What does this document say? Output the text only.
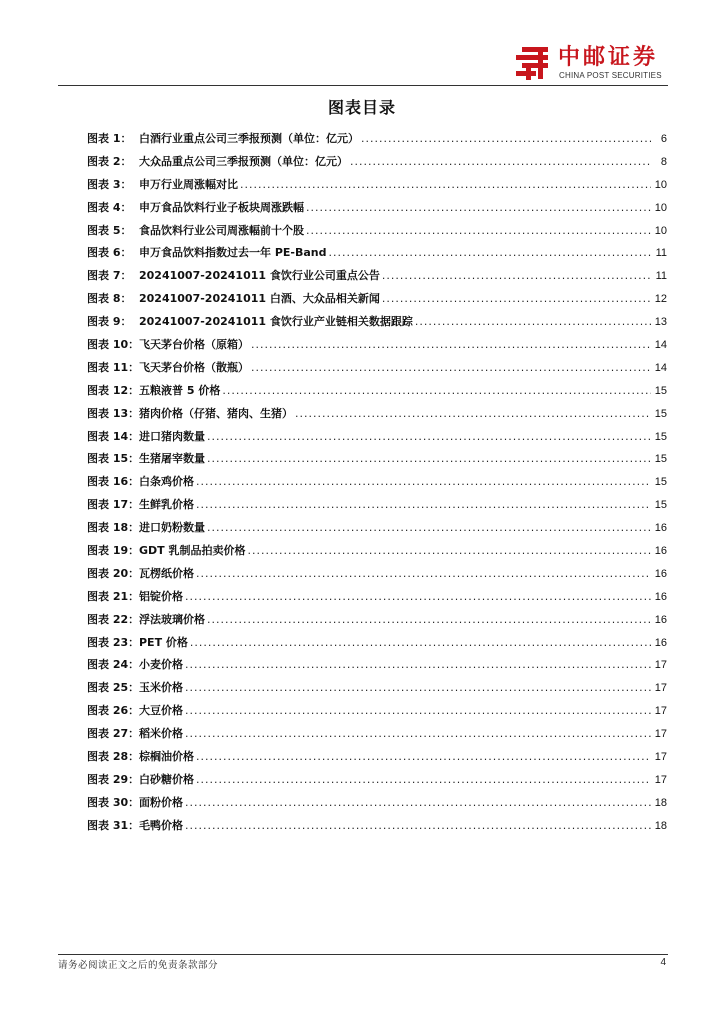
中邮证券
CHINA POST SECURITIES
图表目录
图表 1： 白酒行业重点公司三季报预测（单位：亿元） .....	6
图表 2： 大众品重点公司三季报预测（单位：亿元） .....	8
图表 3： 申万行业周涨幅对比 .....	10
图表 4： 申万食品饮料行业子板块周涨跌幅 .....	10
图表 5： 食品饮料行业公司周涨幅前十个股 .....	10
图表 6： 申万食品饮料指数过去一年 PE-Band .....	11
图表 7： 20241007-20241011 食饮行业公司重点公告 .....	11
图表 8： 20241007-20241011 白酒、大众品相关新闻 .....	12
图表 9： 20241007-20241011 食饮行业产业链相关数据跟踪 .....	13
图表 10： 飞天茅台价格（原箱） .....	14
图表 11： 飞天茅台价格（散瓶） .....	14
图表 12： 五粮液普 5 价格 .....	15
图表 13： 猪肉价格（仔猪、猪肉、生猪） .....	15
图表 14： 进口猪肉数量 .....	15
图表 15： 生猪屠宰数量 .....	15
图表 16： 白条鸡价格 .....	15
图表 17： 生鲜乳价格 .....	15
图表 18： 进口奶粉数量 .....	16
图表 19： GDT 乳制品拍卖价格 .....	16
图表 20： 瓦楞纸价格 .....	16
图表 21： 铝锭价格 .....	16
图表 22： 浮法玻璃价格 .....	16
图表 23： PET 价格 .....	16
图表 24： 小麦价格 .....	17
图表 25： 玉米价格 .....	17
图表 26： 大豆价格 .....	17
图表 27： 稻米价格 .....	17
图表 28： 棕榈油价格 .....	17
图表 29： 白砂糖价格 .....	17
图表 30： 面粉价格 .....	18
图表 31： 毛鸭价格 .....	18
请务必阅读正文之后的免责条款部分	4
